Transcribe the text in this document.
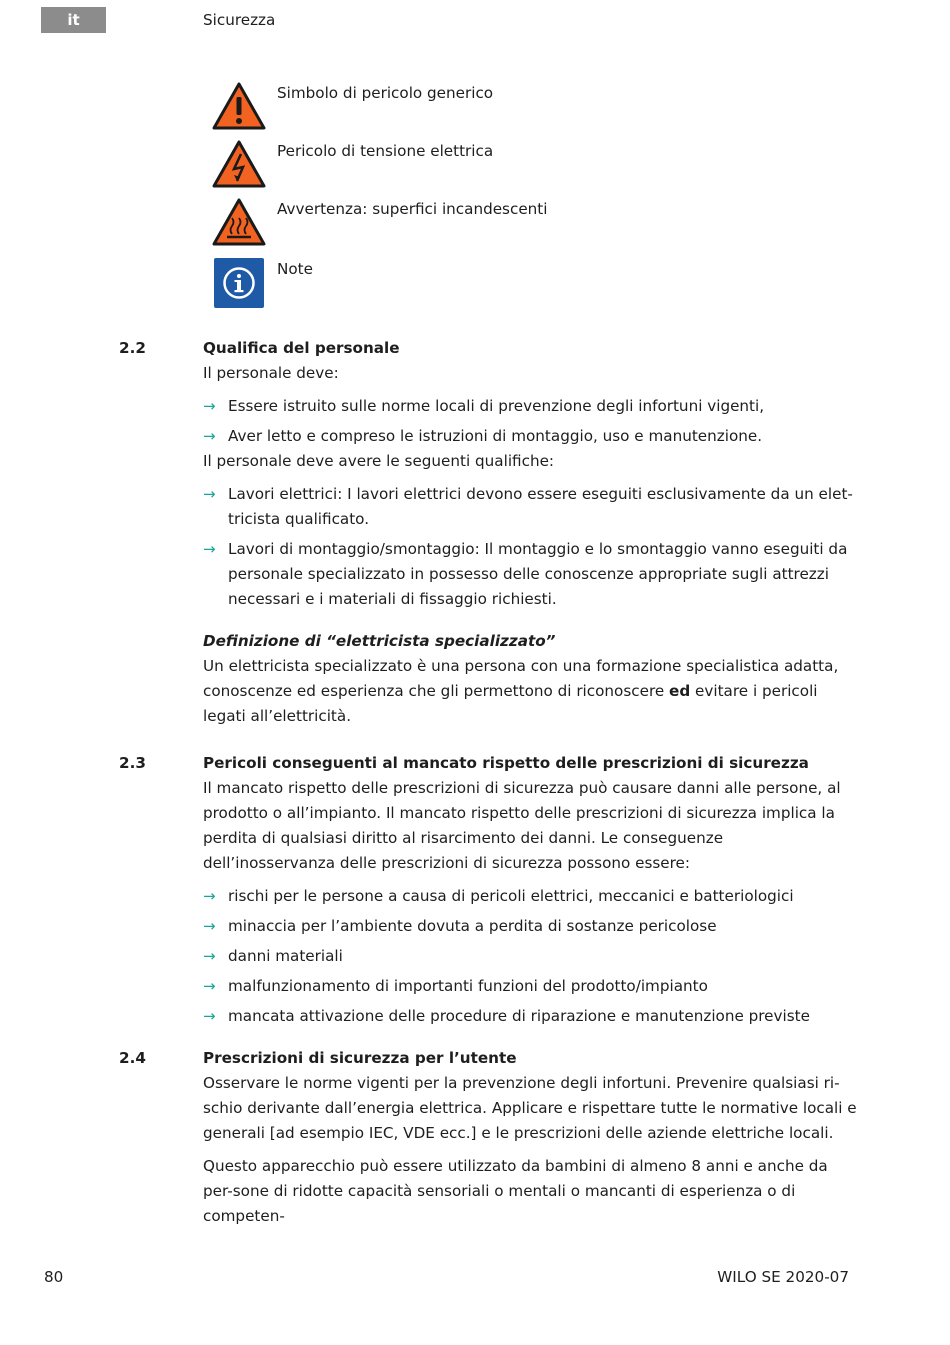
it	Sicurezza
Simbolo di pericolo generico
Pericolo di tensione elettrica
Avvertenza: superfici incandescenti
Note
2.2	Qualifica del personale

Il personale deve:

→ Essere istruito sulle norme locali di prevenzione degli infortuni vigenti,
→ Aver letto e compreso le istruzioni di montaggio, uso e manutenzione.

Il personale deve avere le seguenti qualifiche:

→ Lavori elettrici: I lavori elettrici devono essere eseguiti esclusivamente da un elet-tricista qualificato.
→ Lavori di montaggio/smontaggio: Il montaggio e lo smontaggio vanno eseguiti da personale specializzato in possesso delle conoscenze appropriate sugli attrezzi necessari e i materiali di fissaggio richiesti.

Definizione di “elettricista specializzato”

Un elettricista specializzato è una persona con una formazione specialistica adatta, conoscenze ed esperienza che gli permettono di riconoscere ed evitare i pericoli legati all’elettricità.

2.3	Pericoli conseguenti al mancato rispetto delle prescrizioni di sicurezza

Il mancato rispetto delle prescrizioni di sicurezza può causare danni alle persone, al prodotto o all’impianto. Il mancato rispetto delle prescrizioni di sicurezza implica la perdita di qualsiasi diritto al risarcimento dei danni. Le conseguenze dell’inosservanza delle prescrizioni di sicurezza possono essere:

→ rischi per le persone a causa di pericoli elettrici, meccanici e batteriologici
→ minaccia per l’ambiente dovuta a perdita di sostanze pericolose
→ danni materiali
→ malfunzionamento di importanti funzioni del prodotto/impianto
→ mancata attivazione delle procedure di riparazione e manutenzione previste
2.4	Prescrizioni di sicurezza per l’utente

Osservare le norme vigenti per la prevenzione degli infortuni. Prevenire qualsiasi ri-schio derivante dall’energia elettrica. Applicare e rispettare tutte le normative locali e generali [ad esempio IEC, VDE ecc.] e le prescrizioni delle aziende elettriche locali.

Questo apparecchio può essere utilizzato da bambini di almeno 8 anni e anche da per-sone di ridotte capacità sensoriali o mentali o mancanti di esperienza o di competen-

80	WILO SE 2020-07
